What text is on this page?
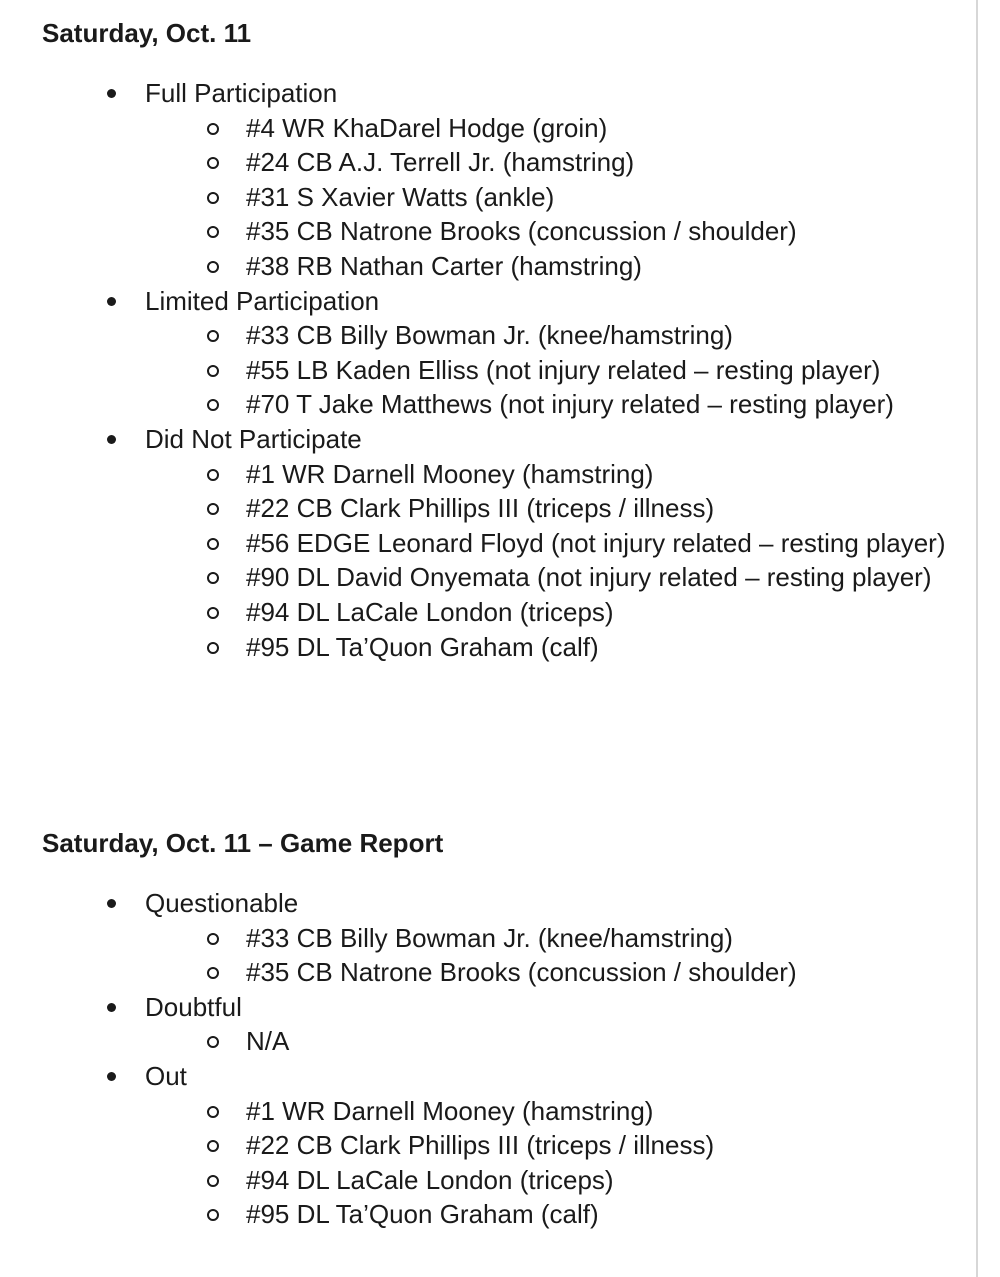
Saturday, Oct. 11
Full Participation
#4 WR KhaDarel Hodge (groin)
#24 CB A.J. Terrell Jr. (hamstring)
#31 S Xavier Watts (ankle)
#35 CB Natrone Brooks (concussion / shoulder)
#38 RB Nathan Carter (hamstring)
Limited Participation
#33 CB Billy Bowman Jr. (knee/hamstring)
#55 LB Kaden Elliss (not injury related – resting player)
#70 T Jake Matthews (not injury related – resting player)
Did Not Participate
#1 WR Darnell Mooney (hamstring)
#22 CB Clark Phillips III (triceps / illness)
#56 EDGE Leonard Floyd (not injury related – resting player)
#90 DL David Onyemata (not injury related – resting player)
#94 DL LaCale London (triceps)
#95 DL Ta’Quon Graham (calf)
Saturday, Oct. 11 – Game Report
Questionable
#33 CB Billy Bowman Jr. (knee/hamstring)
#35 CB Natrone Brooks (concussion / shoulder)
Doubtful
N/A
Out
#1 WR Darnell Mooney (hamstring)
#22 CB Clark Phillips III (triceps / illness)
#94 DL LaCale London (triceps)
#95 DL Ta’Quon Graham (calf)
